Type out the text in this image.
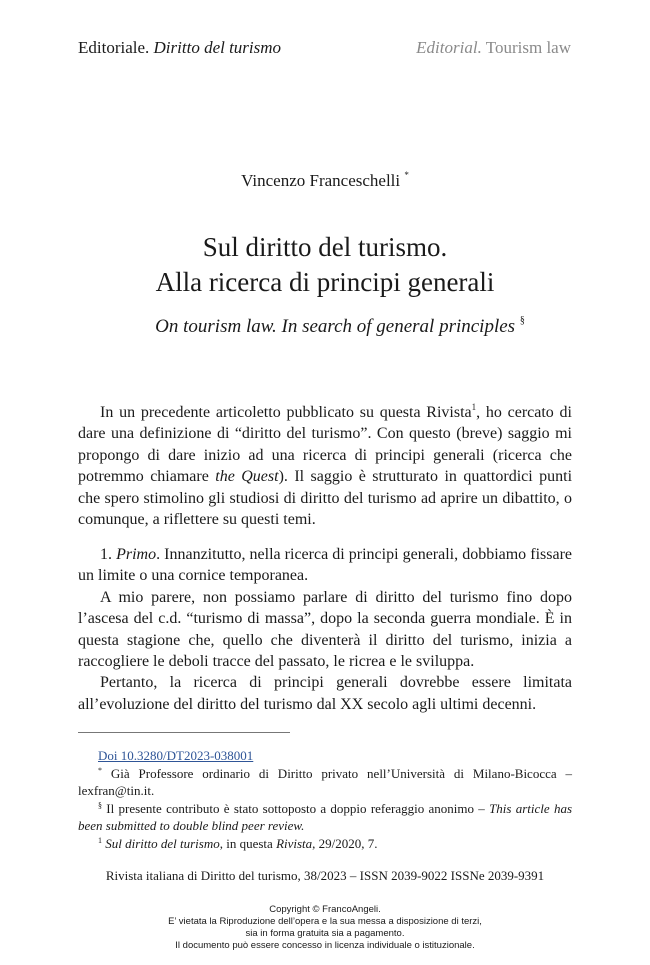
Editoriale. Diritto del turismo	Editorial. Tourism law
Vincenzo Franceschelli *
Sul diritto del turismo.
Alla ricerca di principi generali
On tourism law. In search of general principles §

In un precedente articoletto pubblicato su questa Rivista$^1$, ho cercato di dare una definizione di “diritto del turismo”. Con questo (breve) saggio mi propongo di dare inizio ad una ricerca di principi generali (ricerca che potremmo chiamare the Quest). Il saggio è strutturato in quattordici punti che spero stimolino gli studiosi di diritto del turismo ad aprire un dibattito, o comunque, a riflettere su questi temi.

1. Primo. Innanzitutto, nella ricerca di principi generali, dobbiamo fissare un limite o una cornice temporanea.

A mio parere, non possiamo parlare di diritto del turismo fino dopo l’ascesa del c.d. “turismo di massa”, dopo la seconda guerra mondiale. È in questa stagione che, quello che diventerà il diritto del turismo, inizia a raccogliere le deboli tracce del passato, le ricrea e le sviluppa.

Pertanto, la ricerca di principi generali dovrebbe essere limitata all’evoluzione del diritto del turismo dal XX secolo agli ultimi decenni.

Doi 10.3280/DT2023-038001
* Già Professore ordinario di Diritto privato nell’Università di Milano-Bicocca – lexfran@tin.it.
§ Il presente contributo è stato sottoposto a doppio referaggio anonimo – This article has been submitted to double blind peer review.
$^1$ Sul diritto del turismo, in questa Rivista, 29/2020, 7.
Rivista italiana di Diritto del turismo, 38/2023 – ISSN 2039-9022 ISSNe 2039-9391
Copyright © FrancoAngeli.
E’ vietata la Riproduzione dell’opera e la sua messa a disposizione di terzi,
sia in forma gratuita sia a pagamento.
Il documento può essere concesso in licenza individuale o istituzionale.
